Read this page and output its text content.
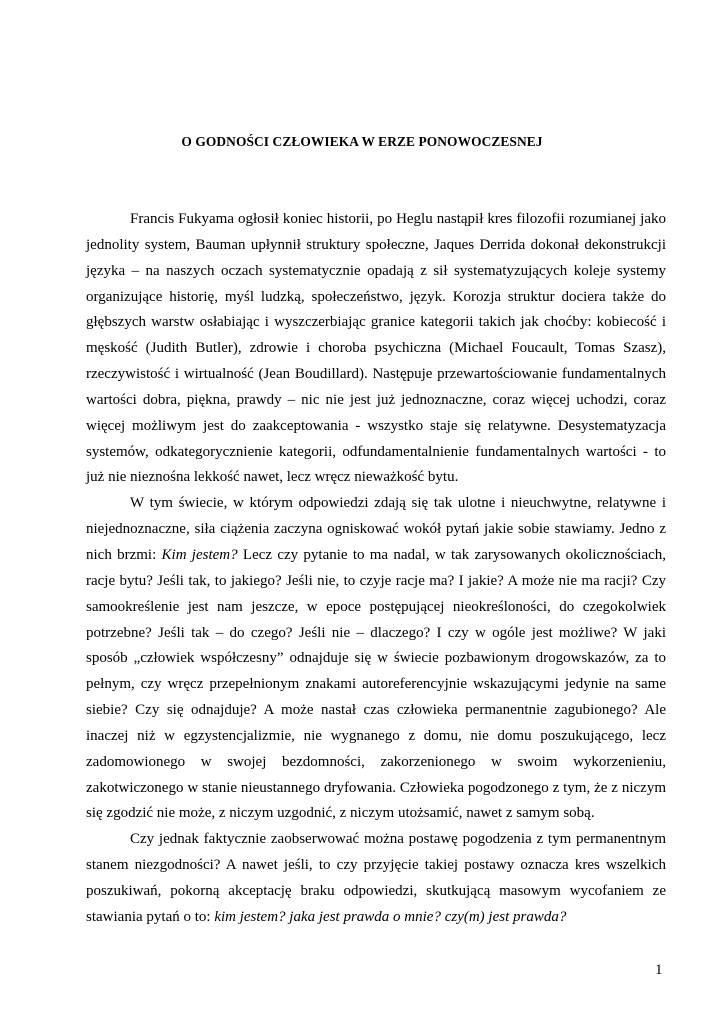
O GODNOŚCI CZŁOWIEKA W ERZE PONOWOCZESNEJ

Francis Fukyama ogłosił koniec historii, po Heglu nastąpił kres filozofii rozumianej jako jednolity system, Bauman upłynnił struktury społeczne, Jaques Derrida dokonał dekonstrukcji języka – na naszych oczach systematycznie opadają z sił systematyzujących koleje systemy organizujące historię, myśl ludzką, społeczeństwo, język. Korozja struktur dociera także do głębszych warstw osłabiając i wyszczerbiając granice kategorii takich jak choćby: kobiecość i męskość (Judith Butler), zdrowie i choroba psychiczna (Michael Foucault, Tomas Szasz), rzeczywistość i wirtualność (Jean Boudillard). Następuje przewartościowanie fundamentalnych wartości dobra, piękna, prawdy – nic nie jest już jednoznaczne, coraz więcej uchodzi, coraz więcej możliwym jest do zaakceptowania - wszystko staje się relatywne. Desystematyzacja systemów, odkategorycznienie kategorii, odfundamentalnienie fundamentalnych wartości - to już nie nieznośna lekkość nawet, lecz wręcz nieważkość bytu.

W tym świecie, w którym odpowiedzi zdają się tak ulotne i nieuchwytne, relatywne i niejednoznaczne, siła ciążenia zaczyna ogniskować wokół pytań jakie sobie stawiamy. Jedno z nich brzmi: Kim jestem? Lecz czy pytanie to ma nadal, w tak zarysowanych okolicznościach, racje bytu? Jeśli tak, to jakiego? Jeśli nie, to czyje racje ma? I jakie? A może nie ma racji? Czy samookreślenie jest nam jeszcze, w epoce postępującej nieokreśloności, do czegokolwiek potrzebne? Jeśli tak – do czego? Jeśli nie – dlaczego? I czy w ogóle jest możliwe? W jaki sposób „człowiek współczesny” odnajduje się w świecie pozbawionym drogowskazów, za to pełnym, czy wręcz przepełnionym znakami autoreferencyjnie wskazującymi jedynie na same siebie? Czy się odnajduje? A może nastał czas człowieka permanentnie zagubionego? Ale inaczej niż w egzystencjalizmie, nie wygnanego z domu, nie domu poszukującego, lecz zadomowionego w swojej bezdomności, zakorzenionego w swoim wykorzenieniu, zakotwiczonego w stanie nieustannego dryfowania. Człowieka pogodzonego z tym, że z niczym się zgodzić nie może, z niczym uzgodnić, z niczym utożsamić, nawet z samym sobą.

Czy jednak faktycznie zaobserwować można postawę pogodzenia z tym permanentnym stanem niezgodności? A nawet jeśli, to czy przyjęcie takiej postawy oznacza kres wszelkich poszukiwań, pokorną akceptację braku odpowiedzi, skutkującą masowym wycofaniem ze stawiania pytań o to: kim jestem? jaka jest prawda o mnie? czy(m) jest prawda?

1
